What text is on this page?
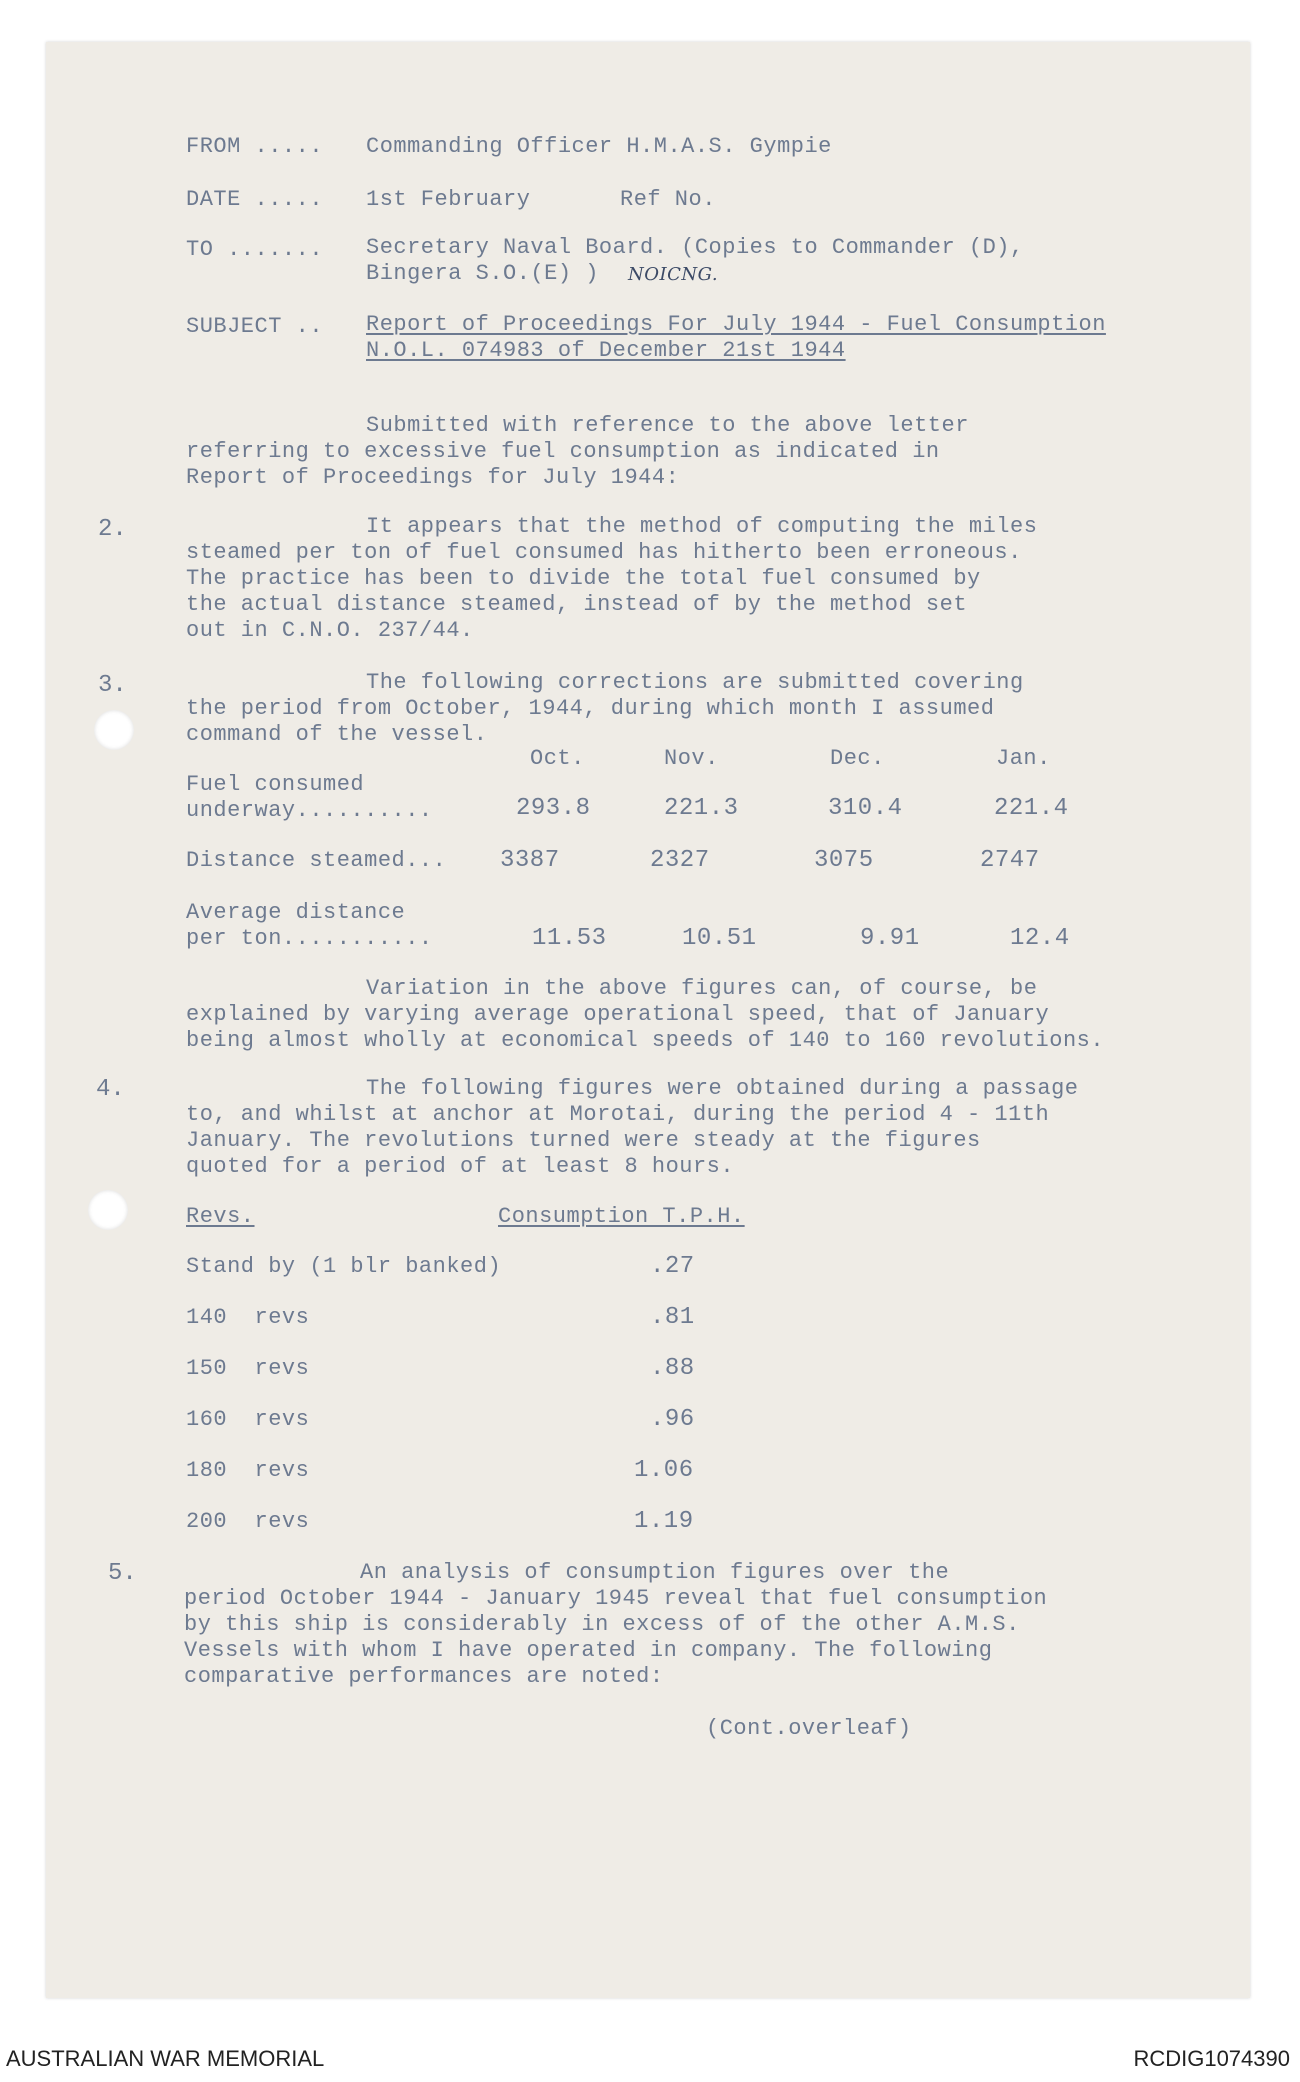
FROM ..... Commanding Officer H.M.A.S. Gympie
DATE ..... 1st February	Ref No.
TO ....... Secretary Naval Board. (Copies to Commander (D),
Bingera S.O.(E) ) NOICNG.
SUBJECT .. Report of Proceedings For July 1944 - Fuel Consumption
N.O.L. 074983 of December 21st 1944
Submitted with reference to the above letter
referring to excessive fuel consumption as indicated in
Report of Proceedings for July 1944:
2.	It appears that the method of computing the miles
steamed per ton of fuel consumed has hitherto been erroneous.
The practice has been to divide the total fuel consumed by
the actual distance steamed, instead of by the method set
out in C.N.O. 237/44.
3.	The following corrections are submitted covering
the period from October, 1944, during which month I assumed
command of the vessel.
Oct.	Nov.	Dec.	Jan.
Fuel consumed
underway..........	293.8	221.3	310.4	221.4
Distance steamed... 3387	2327	3075	2747
Average distance
per ton...........	11.53	10.51	9.91	12.4
Variation in the above figures can, of course, be
explained by varying average operational speed, that of January
being almost wholly at economical speeds of 140 to 160 revolutions.
4.	The following figures were obtained during a passage
to, and whilst at anchor at Morotai, during the period 4 - 11th
January. The revolutions turned were steady at the figures
quoted for a period of at least 8 hours.
Revs.	Consumption T.P.H.
Stand by (1 blr banked)	.27
140  revs	.81
150  revs	.88
160  revs	.96
180  revs	1.06
200  revs	1.19
5.	An analysis of consumption figures over the
period October 1944 - January 1945 reveal that fuel consumption
by this ship is considerably in excess of of the other A.M.S.
Vessels with whom I have operated in company. The following
comparative performances are noted:
(Cont.overleaf)
AUSTRALIAN WAR MEMORIAL	RCDIG1074390
